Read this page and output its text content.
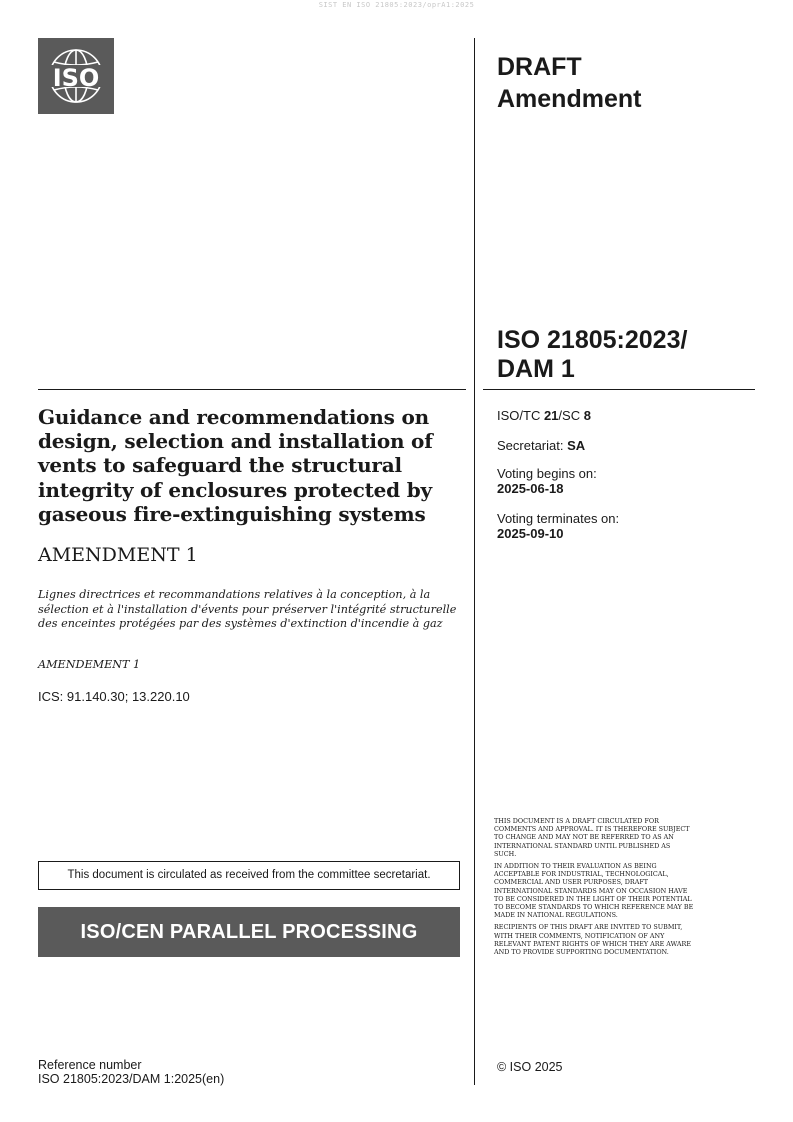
SIST EN ISO 21805:2023/oprA1:2025
ISO	DRAFT
Amendment
ISO 21805:2023/
DAM 1
Guidance and recommendations on design, selection and installation of vents to safeguard the structural integrity of enclosures protected by gaseous fire-extinguishing systems
AMENDMENT 1
Lignes directrices et recommandations relatives à la conception, à la sélection et à l'installation d'évents pour préserver l'intégrité structurelle des enceintes protégées par des systèmes d'extinction d'incendie à gaz
AMENDEMENT 1
ICS: 91.140.30; 13.220.10
ISO/TC 21/SC 8
Secretariat: SA
Voting begins on:
2025-06-18
Voting terminates on:
2025-09-10
This document is circulated as received from the committee secretariat.
ISO/CEN PARALLEL PROCESSING

THIS DOCUMENT IS A DRAFT CIRCULATED FOR COMMENTS AND APPROVAL. IT IS THEREFORE SUBJECT TO CHANGE AND MAY NOT BE REFERRED TO AS AN INTERNATIONAL STANDARD UNTIL PUBLISHED AS SUCH.

IN ADDITION TO THEIR EVALUATION AS BEING ACCEPTABLE FOR INDUSTRIAL, TECHNOLOGICAL, COMMERCIAL AND USER PURPOSES, DRAFT INTERNATIONAL STANDARDS MAY ON OCCASION HAVE TO BE CONSIDERED IN THE LIGHT OF THEIR POTENTIAL TO BECOME STANDARDS TO WHICH REFERENCE MAY BE MADE IN NATIONAL REGULATIONS.

RECIPIENTS OF THIS DRAFT ARE INVITED TO SUBMIT, WITH THEIR COMMENTS, NOTIFICATION OF ANY RELEVANT PATENT RIGHTS OF WHICH THEY ARE AWARE AND TO PROVIDE SUPPORTING DOCUMENTATION.

© ISO 2025
Reference number
ISO 21805:2023/DAM 1:2025(en)
